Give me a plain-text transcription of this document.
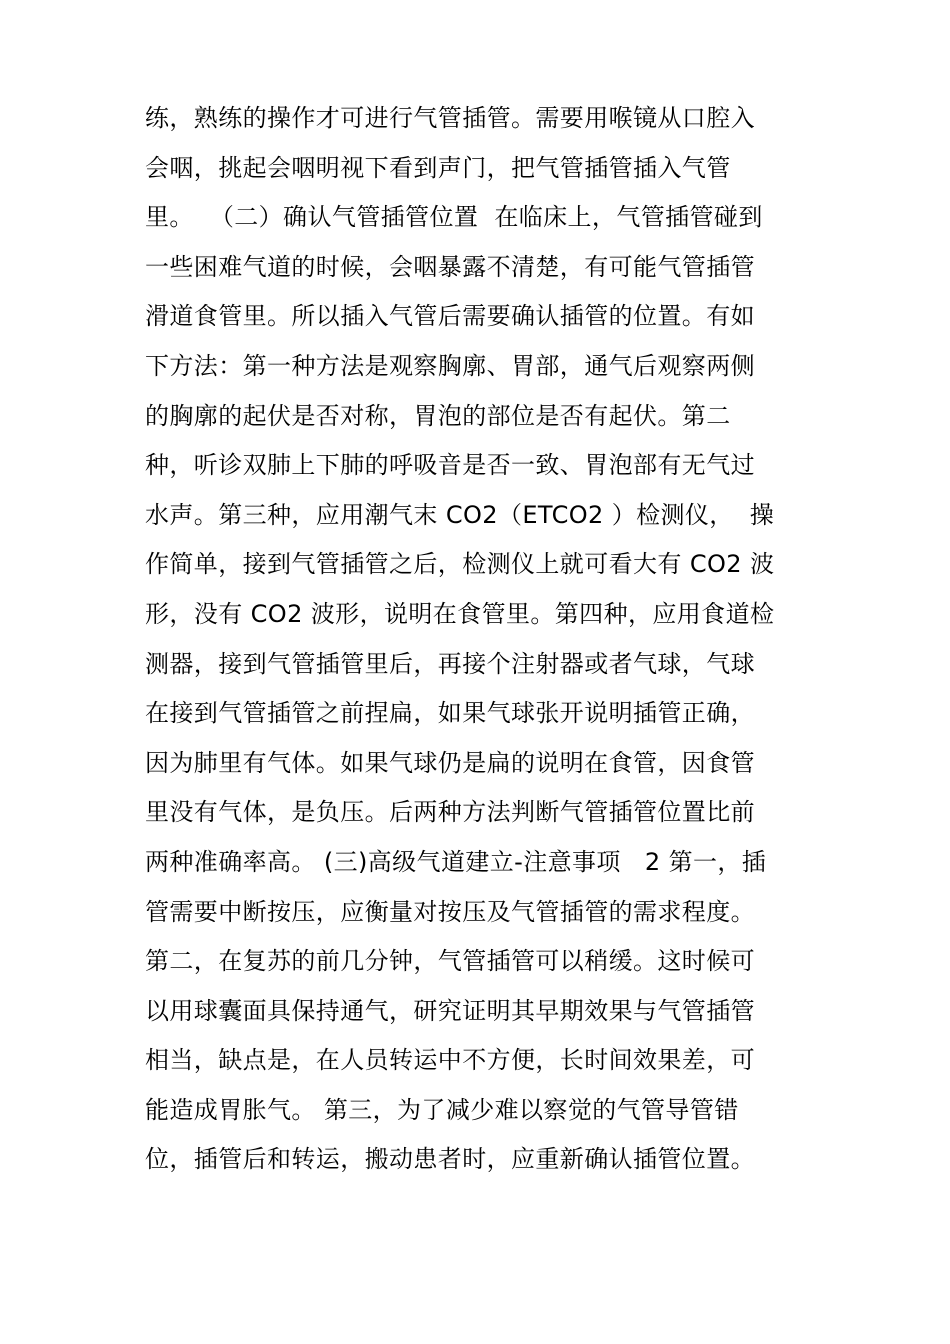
练，熟练的操作才可进行气管插管。需要用喉镜从口腔入
会咽，挑起会咽明视下看到声门，把气管插管插入气管
里。  （二）确认气管插管位置  在临床上，气管插管碰到
一些困难气道的时候，会咽暴露不清楚，有可能气管插管
滑道食管里。所以插入气管后需要确认插管的位置。有如
下方法：第一种方法是观察胸廓、胃部，通气后观察两侧
的胸廓的起伏是否对称，胃泡的部位是否有起伏。第二
种，听诊双肺上下肺的呼吸音是否一致、胃泡部有无气过
水声。第三种，应用潮气末 CO2（ETCO2 ）检测仪，  操
作简单，接到气管插管之后，检测仪上就可看大有 CO2 波
形，没有 CO2 波形，说明在食管里。第四种，应用食道检
测器，接到气管插管里后，再接个注射器或者气球，气球
在接到气管插管之前捏扁，如果气球张开说明插管正确，
因为肺里有气体。如果气球仍是扁的说明在食管，因食管
里没有气体，是负压。后两种方法判断气管插管位置比前
两种准确率高。 (三)高级气道建立-注意事项   2 第一，插
管需要中断按压，应衡量对按压及气管插管的需求程度。
第二，在复苏的前几分钟，气管插管可以稍缓。这时候可
以用球囊面具保持通气，研究证明其早期效果与气管插管
相当，缺点是，在人员转运中不方便，长时间效果差，可
能造成胃胀气。 第三，为了减少难以察觉的气管导管错
位，插管后和转运，搬动患者时，应重新确认插管位置。
